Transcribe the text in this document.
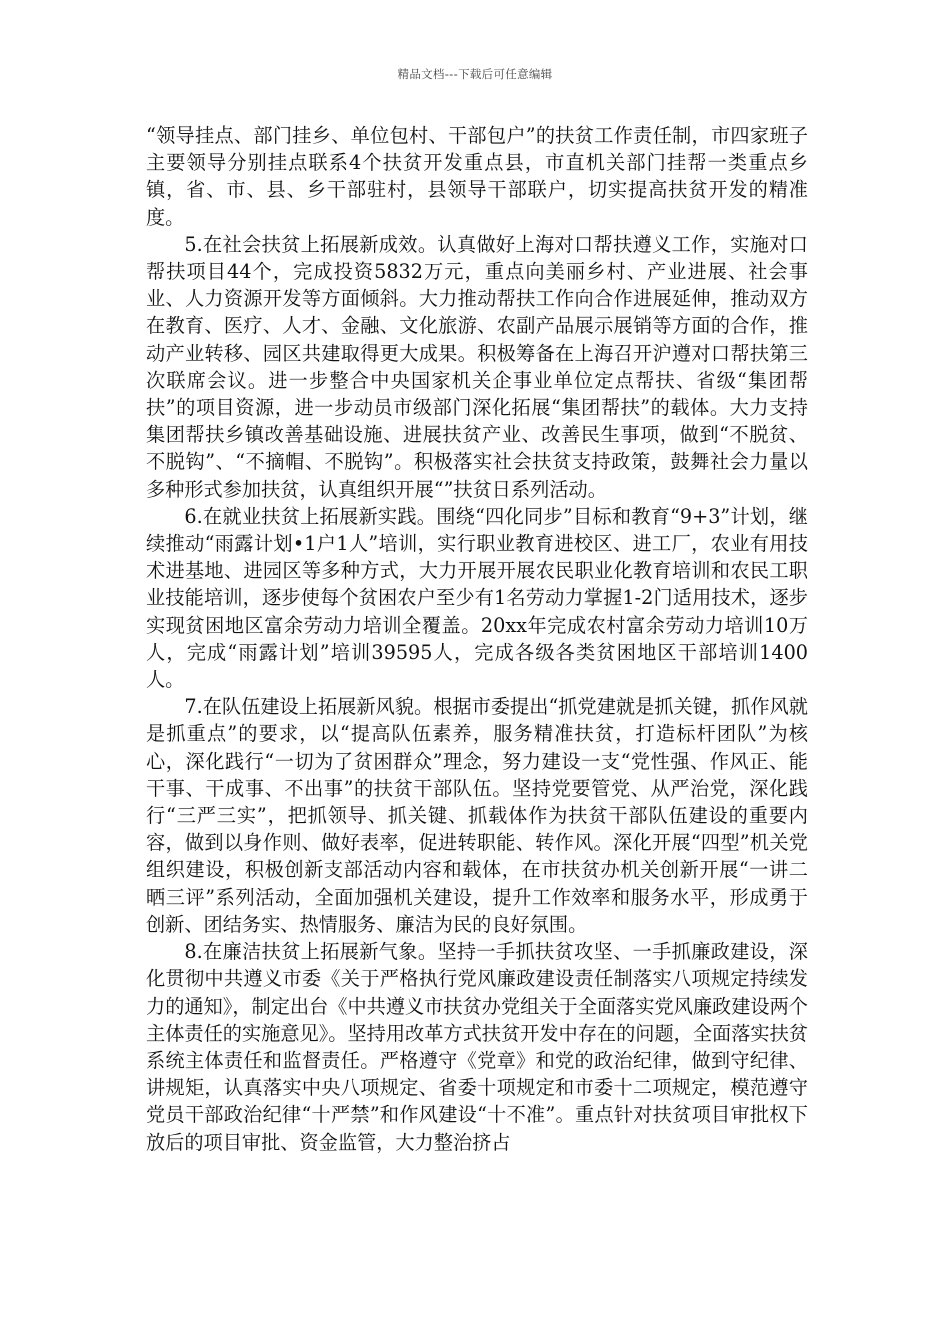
精品文档---下载后可任意编辑

“领导挂点、部门挂乡、单位包村、干部包户”的扶贫工作责任制，市四家班子主要领导分别挂点联系4个扶贫开发重点县，市直机关部门挂帮一类重点乡镇，省、市、县、乡干部驻村，县领导干部联户，切实提高扶贫开发的精准度。

5.在社会扶贫上拓展新成效。认真做好上海对口帮扶遵义工作，实施对口帮扶项目44个，完成投资5832万元，重点向美丽乡村、产业进展、社会事业、人力资源开发等方面倾斜。大力推动帮扶工作向合作进展延伸，推动双方在教育、医疗、人才、金融、文化旅游、农副产品展示展销等方面的合作，推动产业转移、园区共建取得更大成果。积极筹备在上海召开沪遵对口帮扶第三次联席会议。进一步整合中央国家机关企事业单位定点帮扶、省级“集团帮扶”的项目资源，进一步动员市级部门深化拓展“集团帮扶”的载体。大力支持集团帮扶乡镇改善基础设施、进展扶贫产业、改善民生事项，做到“不脱贫、不脱钩”、“不摘帽、不脱钩”。积极落实社会扶贫支持政策，鼓舞社会力量以多种形式参加扶贫，认真组织开展“”扶贫日系列活动。

6.在就业扶贫上拓展新实践。围绕“四化同步”目标和教育“9+3”计划，继续推动“雨露计划•1户1人”培训，实行职业教育进校区、进工厂，农业有用技术进基地、进园区等多种方式，大力开展开展农民职业化教育培训和农民工职业技能培训，逐步使每个贫困农户至少有1名劳动力掌握1-2门适用技术，逐步实现贫困地区富余劳动力培训全覆盖。20xx年完成农村富余劳动力培训10万人，完成“雨露计划”培训39595人，完成各级各类贫困地区干部培训1400人。

7.在队伍建设上拓展新风貌。根据市委提出“抓党建就是抓关键，抓作风就是抓重点”的要求，以“提高队伍素养，服务精准扶贫，打造标杆团队”为核心，深化践行“一切为了贫困群众”理念，努力建设一支“党性强、作风正、能干事、干成事、不出事”的扶贫干部队伍。坚持党要管党、从严治党，深化践行“三严三实”，把抓领导、抓关键、抓载体作为扶贫干部队伍建设的重要内容，做到以身作则、做好表率，促进转职能、转作风。深化开展“四型”机关党组织建设，积极创新支部活动内容和载体，在市扶贫办机关创新开展“一讲二晒三评”系列活动，全面加强机关建设，提升工作效率和服务水平，形成勇于创新、团结务实、热情服务、廉洁为民的良好氛围。

8.在廉洁扶贫上拓展新气象。坚持一手抓扶贫攻坚、一手抓廉政建设，深化贯彻中共遵义市委《关于严格执行党风廉政建设责任制落实八项规定持续发力的通知》，制定出台《中共遵义市扶贫办党组关于全面落实党风廉政建设两个主体责任的实施意见》。坚持用改革方式扶贫开发中存在的问题，全面落实扶贫系统主体责任和监督责任。严格遵守《党章》和党的政治纪律，做到守纪律、讲规矩，认真落实中央八项规定、省委十项规定和市委十二项规定，模范遵守党员干部政治纪律“十严禁”和作风建设“十不准”。重点针对扶贫项目审批权下放后的项目审批、资金监管，大力整治挤占
